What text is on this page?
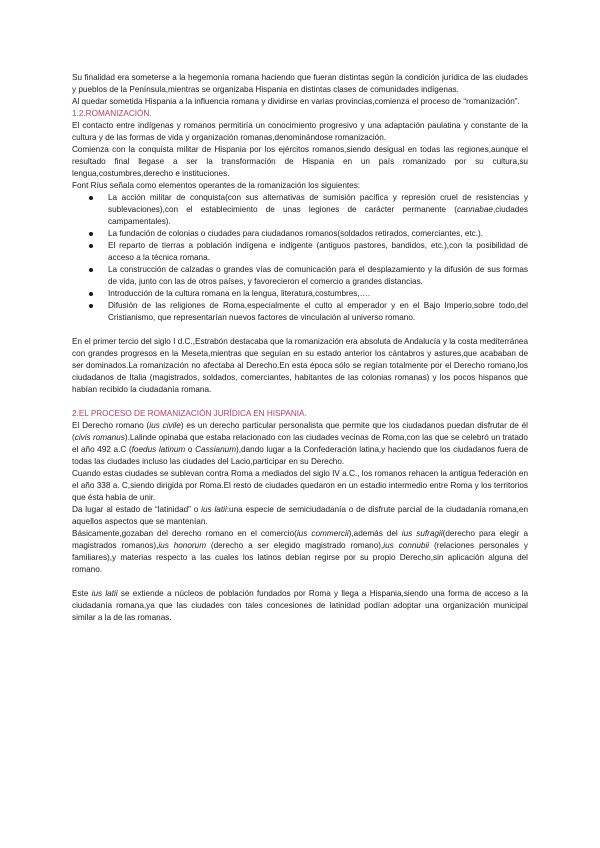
Su finalidad era someterse a la hegemonía romana haciendo que fueran distintas según la condición jurídica de las ciudades y pueblos de la Península,mientras se organizaba Hispania en distintas clases de comunidades indígenas.

Al quedar sometida Hispania a la influencia romana y dividirse en varias provincias,comienza el proceso de “romanización”.

1.2.ROMANIZACIÓN.

El contacto entre indígenas y romanos permitiría un conocimiento progresivo y una adaptación paulatina y constante de la cultura y de las formas de vida y organización romanas,denominándose romanización.

Comienza con la conquista militar de Hispania por los ejércitos romanos,siendo desigual en todas las regiones,aunque el resultado final llegase a ser la transformación de Hispania en un país romanizado por su cultura,su lengua,costumbres,derecho e instituciones.

Font Ríus señala como elementos operantes de la romanización los siguientes:

La acción militar de conquista(con sus alternativas de sumisión pacífica y represión cruel de resistencias y sublevaciones),con el establecimiento de unas legiones de carácter permanente (cannabae,ciudades campamentales).
La fundación de colonias o ciudades para ciudadanos romanos(soldados retirados, comerciantes, etc.).
El reparto de tierras a población indígena e indigente (antiguos pastores, bandidos, etc.),con la posibilidad de acceso a la técnica romana.
La construcción de calzadas o grandes vías de comunicación para el desplazamiento y la difusión de sus formas de vida, junto con las de otros países, y favorecieron el comercio a grandes distancias.
Introducción de la cultura romana en la lengua, literatura,costumbres,….
Difusión de las religiones de Roma,especialmente el culto al emperador y en el Bajo Imperio,sobre todo,del Cristianismo, que representarían nuevos factores de vinculación al universo romano.

En el primer tercio del siglo I d.C.,Estrabón destacaba que la romanización era absoluta de Andalucía y la costa mediterránea con grandes progresos en la Meseta,mientras que seguían en su estado anterior los cántabros y astures,que acababan de ser dominados.La romanización no afectaba al Derecho.En esta época sólo se regían totalmente por el Derecho romano,los ciudadanos de Italia (magistrados, soldados, comerciantes, habitantes de las colonias romanas) y los pocos hispanos que habían recibido la ciudadanía romana.

2.EL PROCESO DE ROMANIZACIÓN JURÍDICA EN HISPANIA.

El Derecho romano (ius civile) es un derecho particular personalista que permite que los ciudadanos puedan disfrutar de él (civis romanus).Lalinde opinaba que estaba relacionado con las ciudades vecinas de Roma,con las que se celebró un tratado el año 492 a.C (foedus latinum o Cassianum),dando lugar a la Confederación latina,y haciendo que los ciudadanos fuera de todas las ciudades incluso las ciudades del Lacio,participar en su Derecho.

Cuando estas ciudades se sublevan contra Roma a mediados del siglo IV a.C., los romanos rehacen la antigua federación en el año 338 a. C,siendo dirigida por Roma.El resto de ciudades quedaron en un estadio intermedio entre Roma y los territorios que ésta había de unir.

Da lugar al estado de “latinidad” o ius latii:una especie de semiciudadanía o de disfrute parcial de la ciudadanía romana,en aquellos aspectos que se mantenían.

Básicamente,gozaban del derecho romano en el comercio(ius commercii),además del ius sufragii(derecho para elegir a magistrados romanos),ius honorum (derecho a ser elegido magistrado romano),ius connubii (relaciones personales y familiares),y materias respecto a las cuales los latinos debían regirse por su propio Derecho,sin aplicación alguna del romano.

Este ius latii se extiende a núcleos de población fundados por Roma y llega a Hispania,siendo una forma de acceso a la ciudadanía romana,ya que las ciudades con tales concesiones de latinidad podían adoptar una organización municipal similar a la de las romanas.
